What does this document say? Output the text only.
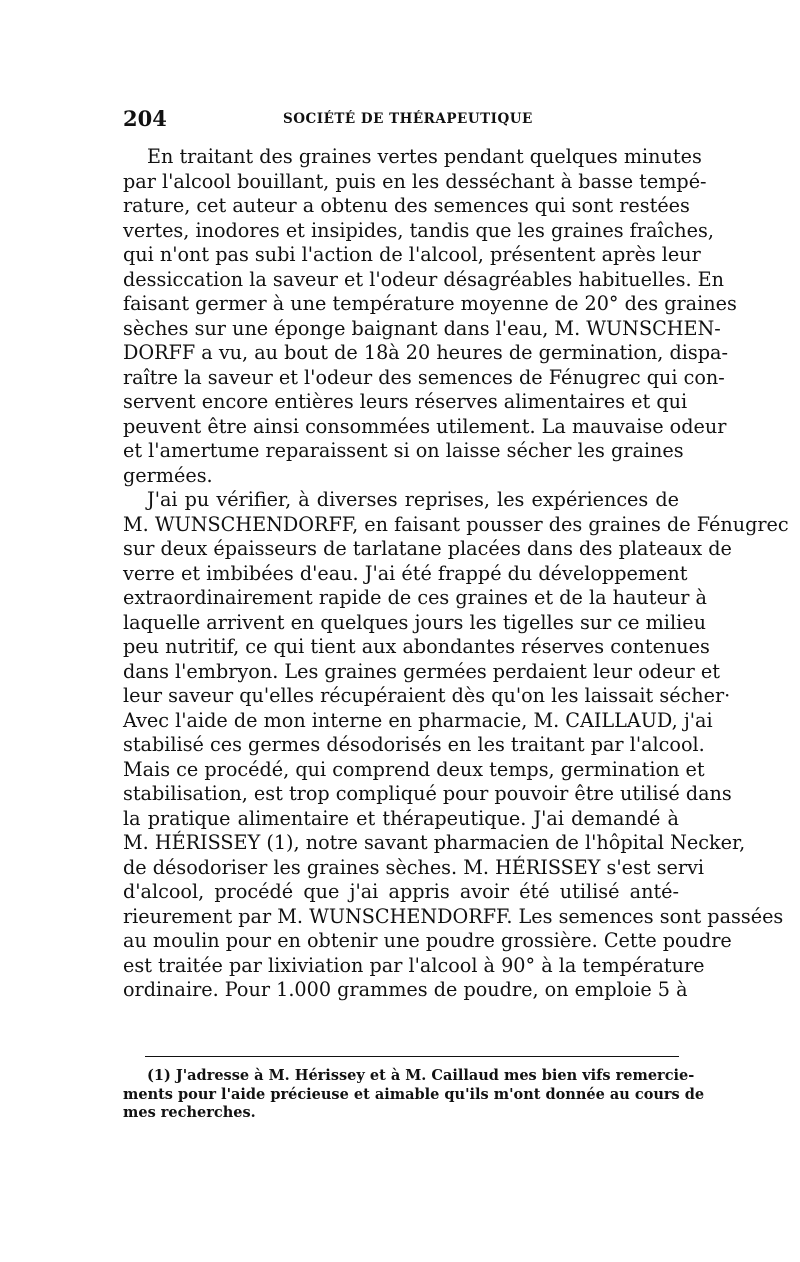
204	SOCIÉTÉ DE THÉRAPEUTIQUE
En traitant des graines vertes pendant quelques minutes
par l'alcool bouillant, puis en les desséchant à basse tempé-
rature, cet auteur a obtenu des semences qui sont restées
vertes, inodores et insipides, tandis que les graines fraîches,
qui n'ont pas subi l'action de l'alcool, présentent après leur
dessiccation la saveur et l'odeur désagréables habituelles. En
faisant germer à une température moyenne de 20° des graines
sèches sur une éponge baignant dans l'eau, M. WUNSCHEN-
DORFF a vu, au bout de 18à 20 heures de germination, dispa-
raître la saveur et l'odeur des semences de Fénugrec qui con-
servent encore entières leurs réserves alimentaires et qui
peuvent être ainsi consommées utilement. La mauvaise odeur
et l'amertume reparaissent si on laisse sécher les graines
germées.
J'ai pu vérifier, à diverses reprises, les expériences de
M. WUNSCHENDORFF, en faisant pousser des graines de Fénugrec
sur deux épaisseurs de tarlatane placées dans des plateaux de
verre et imbibées d'eau. J'ai été frappé du développement
extraordinairement rapide de ces graines et de la hauteur à
laquelle arrivent en quelques jours les tigelles sur ce milieu
peu nutritif, ce qui tient aux abondantes réserves contenues
dans l'embryon. Les graines germées perdaient leur odeur et
leur saveur qu'elles récupéraient dès qu'on les laissait sécher·
Avec l'aide de mon interne en pharmacie, M. CAILLAUD, j'ai
stabilisé ces germes désodorisés en les traitant par l'alcool.
Mais ce procédé, qui comprend deux temps, germination et
stabilisation, est trop compliqué pour pouvoir être utilisé dans
la pratique alimentaire et thérapeutique. J'ai demandé à
M. HÉRISSEY (1), notre savant pharmacien de l'hôpital Necker,
de désodoriser les graines sèches. M. HÉRISSEY s'est servi
d'alcool, procédé que j'ai appris avoir été utilisé anté-
rieurement par M. WUNSCHENDORFF. Les semences sont passées
au moulin pour en obtenir une poudre grossière. Cette poudre
est traitée par lixiviation par l'alcool à 90° à la température
ordinaire. Pour 1.000 grammes de poudre, on emploie 5 à
(1) J'adresse à M. Hérissey et à M. Caillaud mes bien vifs remercie-
ments pour l'aide précieuse et aimable qu'ils m'ont donnée au cours de
mes recherches.
